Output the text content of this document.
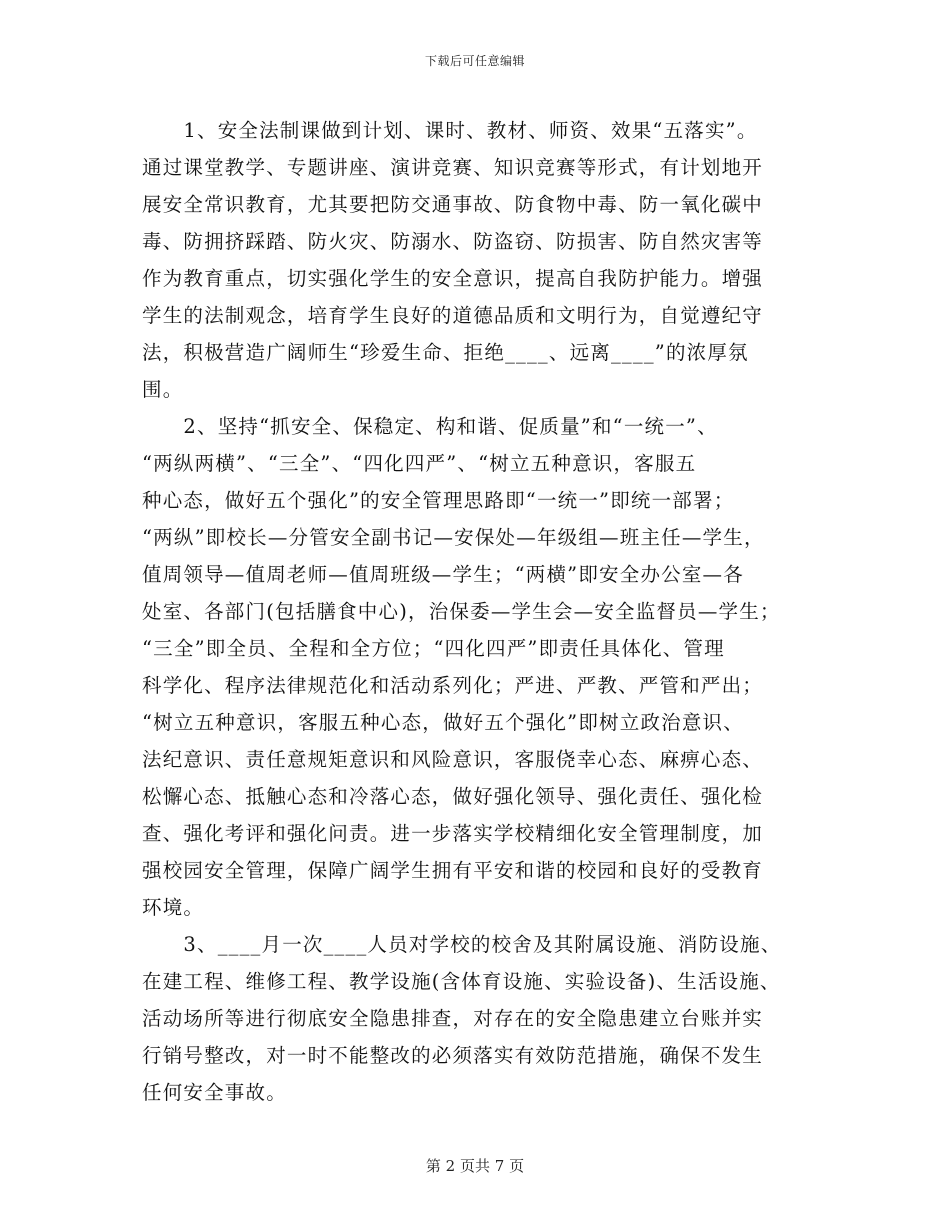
下载后可任意编辑
　　1、安全法制课做到计划、课时、教材、师资、效果“五落实”。
通过课堂教学、专题讲座、演讲竞赛、知识竞赛等形式，有计划地开
展安全常识教育，尤其要把防交通事故、防食物中毒、防一氧化碳中
毒、防拥挤踩踏、防火灾、防溺水、防盗窃、防损害、防自然灾害等
作为教育重点，切实强化学生的安全意识，提高自我防护能力。增强
学生的法制观念，培育学生良好的道德品质和文明行为，自觉遵纪守
法，积极营造广阔师生“珍爱生命、拒绝____、远离____”的浓厚氛
围。
　　2、坚持“抓安全、保稳定、构和谐、促质量”和“一统一”、
“两纵两横”、“三全”、“四化四严”、“树立五种意识，客服五
种心态，做好五个强化”的安全管理思路即“一统一”即统一部署；
“两纵”即校长—分管安全副书记—安保处—年级组—班主任—学生，
值周领导—值周老师—值周班级—学生；“两横”即安全办公室—各
处室、各部门(包括膳食中心)，治保委—学生会—安全监督员—学生；
“三全”即全员、全程和全方位；“四化四严”即责任具体化、管理
科学化、程序法律规范化和活动系列化；严进、严教、严管和严出；
“树立五种意识，客服五种心态，做好五个强化”即树立政治意识、
法纪意识、责任意规矩意识和风险意识，客服侥幸心态、麻痹心态、
松懈心态、抵触心态和冷落心态，做好强化领导、强化责任、强化检
查、强化考评和强化问责。进一步落实学校精细化安全管理制度，加
强校园安全管理，保障广阔学生拥有平安和谐的校园和良好的受教育
环境。
　　3、____月一次____人员对学校的校舍及其附属设施、消防设施、
在建工程、维修工程、教学设施(含体育设施、实验设备)、生活设施、
活动场所等进行彻底安全隐患排查，对存在的安全隐患建立台账并实
行销号整改，对一时不能整改的必须落实有效防范措施，确保不发生
任何安全事故。
第 2 页共 7 页
